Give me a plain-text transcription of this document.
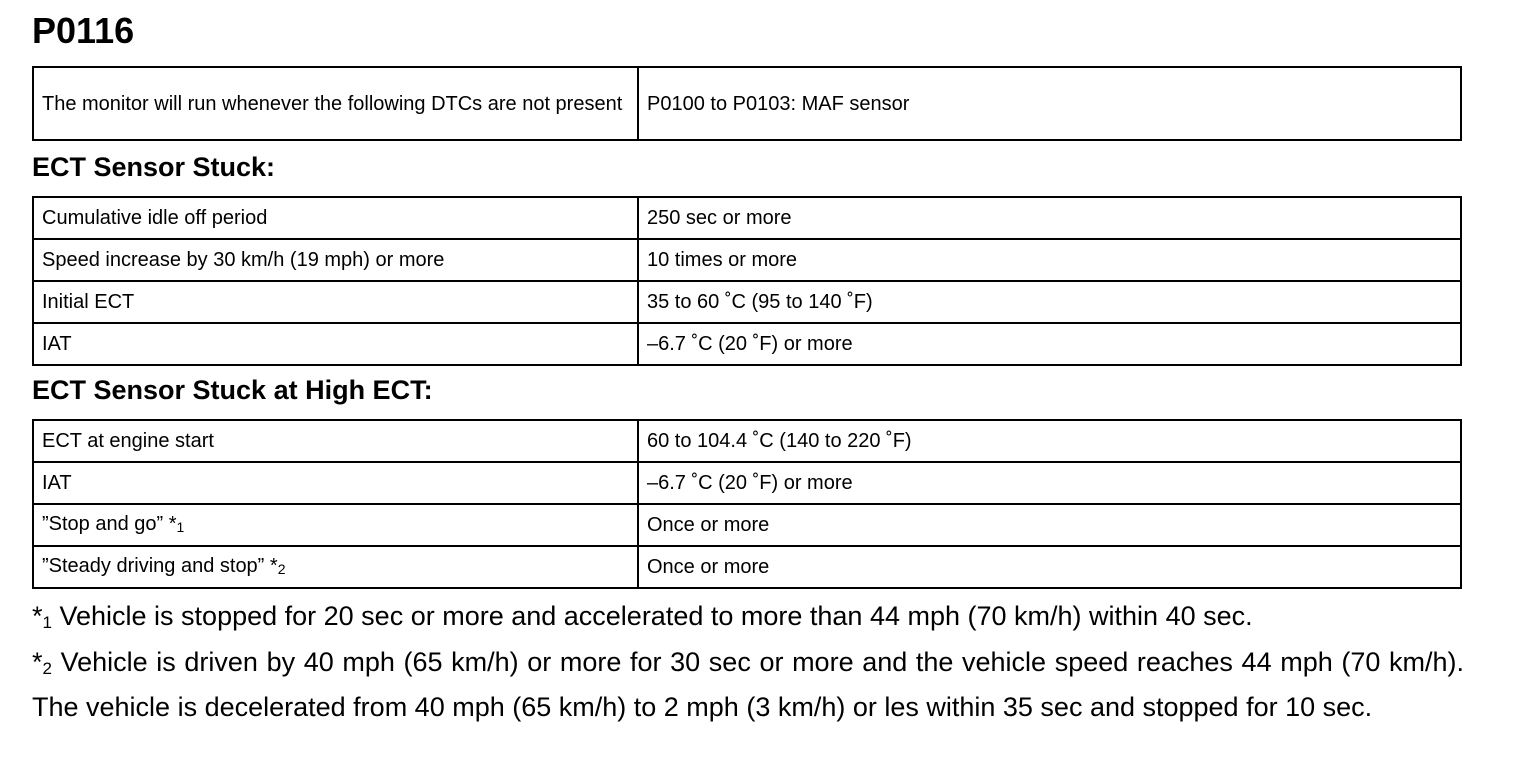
P0116
The monitor will run whenever the following DTCs are not present	P0100 to P0103: MAF sensor
ECT Sensor Stuck:
Cumulative idle off period	250 sec or more
Speed increase by 30 km/h (19 mph) or more	10 times or more
Initial ECT	35 to 60 ˚C (95 to 140 ˚F)
IAT	–6.7 ˚C (20 ˚F) or more
ECT Sensor Stuck at High ECT:
ECT at engine start	60 to 104.4 ˚C (140 to 220 ˚F)
IAT	–6.7 ˚C (20 ˚F) or more
”Stop and go” $*_1$	Once or more
”Steady driving and stop” $*_2$	Once or more
$*_1$ Vehicle is stopped for 20 sec or more and accelerated to more than 44 mph (70 km/h) within 40 sec.
$*_2$ Vehicle is driven by 40 mph (65 km/h) or more for 30 sec or more and the vehicle speed reaches 44 mph (70 km/h). The vehicle is decelerated from 40 mph (65 km/h) to 2 mph (3 km/h) or les within 35 sec and stopped for 10 sec.
